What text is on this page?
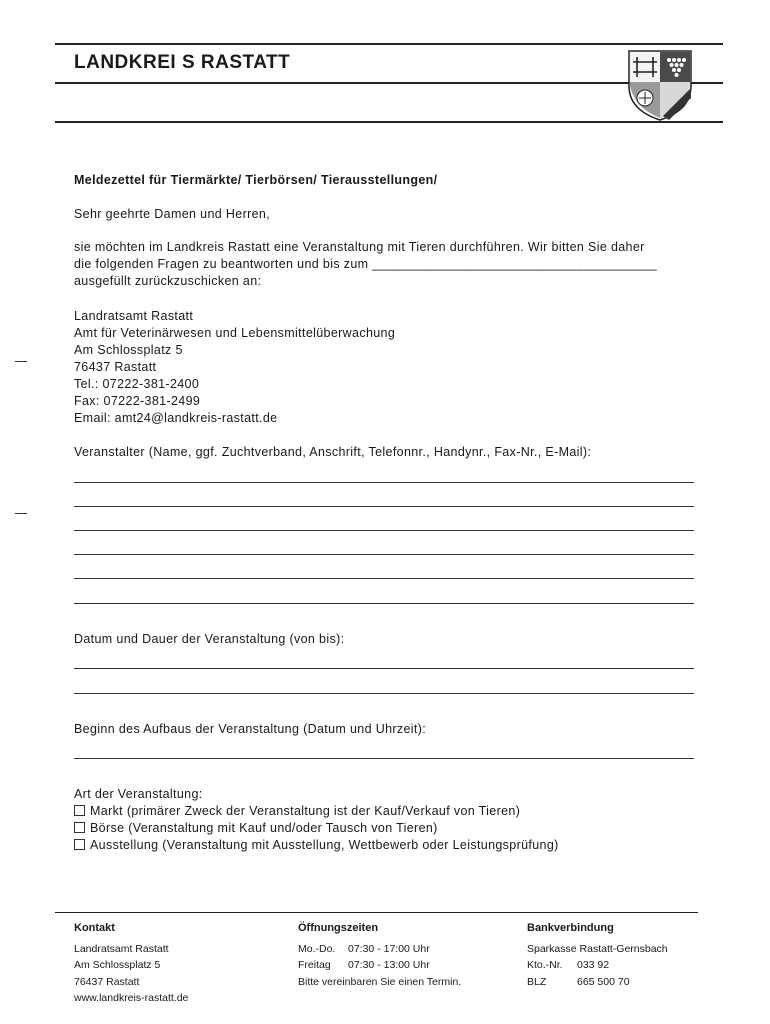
LANDKREI S RASTATT
Meldezettel für Tiermärkte/ Tierbörsen/ Tierausstellungen/
Sehr geehrte Damen und Herren,
sie möchten im Landkreis Rastatt eine Veranstaltung mit Tieren durchführen. Wir bitten Sie daher
die folgenden Fragen zu beantworten und bis zum _______________________________________
ausgefüllt zurückzuschicken an:
Landratsamt Rastatt
Amt für Veterinärwesen und Lebensmittelüberwachung
Am Schlossplatz 5
76437 Rastatt
Tel.: 07222-381-2400
Fax: 07222-381-2499
Email: amt24@landkreis-rastatt.de
Veranstalter (Name, ggf. Zuchtverband, Anschrift, Telefonnr., Handynr., Fax-Nr., E-Mail):
Datum und Dauer der Veranstaltung (von bis):
Beginn des Aufbaus der Veranstaltung (Datum und Uhrzeit):
Art der Veranstaltung:
Markt (primärer Zweck der Veranstaltung ist der Kauf/Verkauf von Tieren)
Börse (Veranstaltung mit Kauf und/oder Tausch von Tieren)
Ausstellung (Veranstaltung mit Ausstellung, Wettbewerb oder Leistungsprüfung)
Kontakt
Landratsamt Rastatt
Am Schlossplatz 5
76437 Rastatt
www.landkreis-rastatt.de
Öffnungszeiten
Mo.-Do. 07:30 - 17:00 Uhr
Freitag 07:30 - 13:00 Uhr
Bitte vereinbaren Sie einen Termin.
Bankverbindung
Sparkasse Rastatt-Gernsbach
Kto.-Nr. 033 92
BLZ	665 500 70
